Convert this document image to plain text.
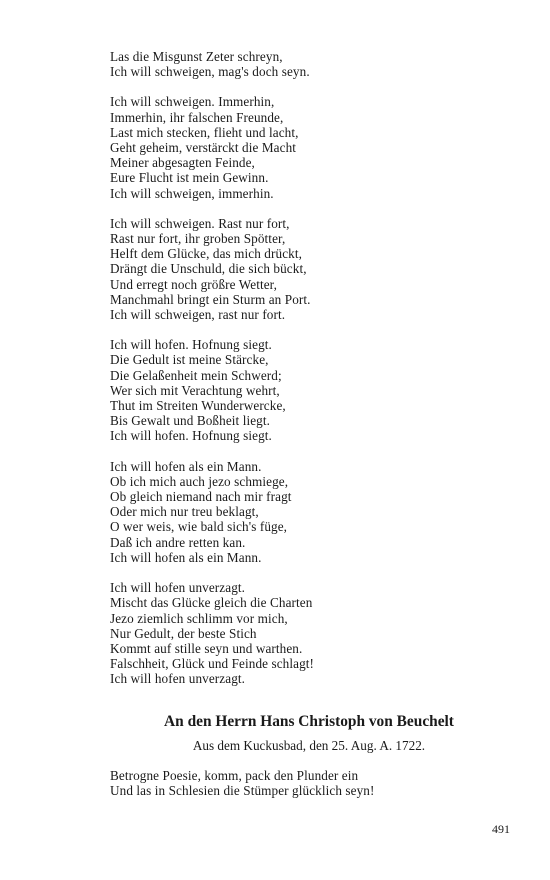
Las die Misgunst Zeter schreyn,
Ich will schweigen, mag's doch seyn.
Ich will schweigen. Immerhin,
Immerhin, ihr falschen Freunde,
Last mich stecken, flieht und lacht,
Geht geheim, verstärckt die Macht
Meiner abgesagten Feinde,
Eure Flucht ist mein Gewinn.
Ich will schweigen, immerhin.
Ich will schweigen. Rast nur fort,
Rast nur fort, ihr groben Spötter,
Helft dem Glücke, das mich drückt,
Drängt die Unschuld, die sich bückt,
Und erregt noch größre Wetter,
Manchmahl bringt ein Sturm an Port.
Ich will schweigen, rast nur fort.
Ich will hofen. Hofnung siegt.
Die Gedult ist meine Stärcke,
Die Gelaßenheit mein Schwerd;
Wer sich mit Verachtung wehrt,
Thut im Streiten Wunderwercke,
Bis Gewalt und Boßheit liegt.
Ich will hofen. Hofnung siegt.
Ich will hofen als ein Mann.
Ob ich mich auch jezo schmiege,
Ob gleich niemand nach mir fragt
Oder mich nur treu beklagt,
O wer weis, wie bald sich's füge,
Daß ich andre retten kan.
Ich will hofen als ein Mann.
Ich will hofen unverzagt.
Mischt das Glücke gleich die Charten
Jezo ziemlich schlimm vor mich,
Nur Gedult, der beste Stich
Kommt auf stille seyn und warthen.
Falschheit, Glück und Feinde schlagt!
Ich will hofen unverzagt.
An den Herrn Hans Christoph von Beuchelt
Aus dem Kuckusbad, den 25. Aug. A. 1722.
Betrogne Poesie, komm, pack den Plunder ein
Und las in Schlesien die Stümper glücklich seyn!
491
